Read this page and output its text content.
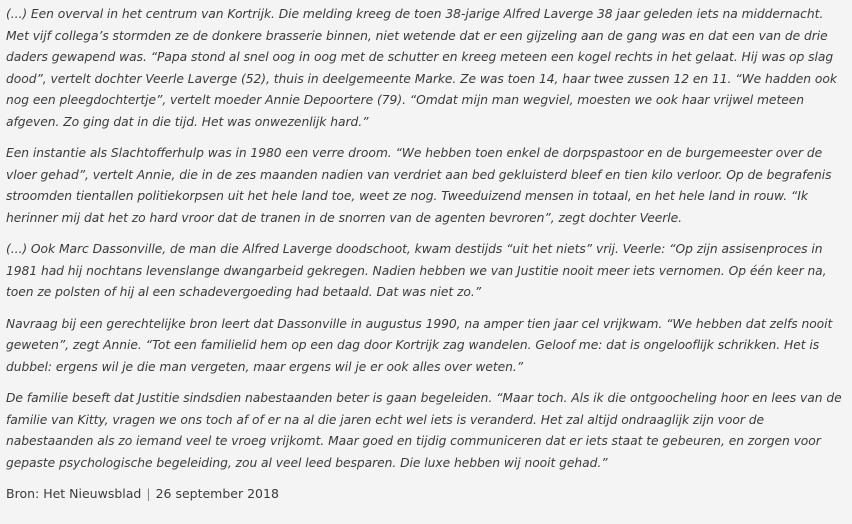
(...) Een overval in het centrum van Kortrijk. Die melding kreeg de toen 38-jarige Alfred Laverge 38 jaar geleden iets na middernacht. Met vijf collega’s stormden ze de donkere brasserie binnen, niet wetende dat er een gijzeling aan de gang was en dat een van de drie daders gewapend was. “Papa stond al snel oog in oog met de schutter en kreeg meteen een kogel rechts in het gelaat. Hij was op slag dood”, vertelt dochter Veerle Laverge (52), thuis in deelgemeente Marke. Ze was toen 14, haar twee zussen 12 en 11. “We hadden ook nog een pleegdochtertje”, vertelt moeder Annie Depoortere (79). “Omdat mijn man wegviel, moesten we ook haar vrijwel meteen afgeven. Zo ging dat in die tijd. Het was onwezenlijk hard.”

Een instantie als Slachtofferhulp was in 1980 een verre droom. “We hebben toen enkel de dorpspastoor en de burgemeester over de vloer gehad”, vertelt Annie, die in de zes maanden nadien van verdriet aan bed gekluisterd bleef en tien kilo verloor. Op de begrafenis stroomden tientallen politiekorpsen uit het hele land toe, weet ze nog. Tweeduizend mensen in totaal, en het hele land in rouw. “Ik herinner mij dat het zo hard vroor dat de tranen in de snorren van de agenten bevroren”, zegt dochter Veerle.

(...) Ook Marc Dassonville, de man die Alfred Laverge doodschoot, kwam destijds “uit het niets” vrij. Veerle: “Op zijn assisenproces in 1981 had hij nochtans levenslange dwangarbeid gekregen. Nadien hebben we van Justitie nooit meer iets vernomen. Op één keer na, toen ze polsten of hij al een schadevergoeding had betaald. Dat was niet zo.”

Navraag bij een gerechtelijke bron leert dat Dassonville in augustus 1990, na amper tien jaar cel vrijkwam. “We hebben dat zelfs nooit geweten”, zegt Annie. “Tot een familielid hem op een dag door Kortrijk zag wandelen. Geloof me: dat is ongelooflijk schrikken. Het is dubbel: ergens wil je die man vergeten, maar ergens wil je er ook alles over weten.”

De familie beseft dat Justitie sindsdien nabestaanden beter is gaan begeleiden. “Maar toch. Als ik die ontgoocheling hoor en lees van de familie van Kitty, vragen we ons toch af of er na al die jaren echt wel iets is veranderd. Het zal altijd ondraaglijk zijn voor de nabestaanden als zo iemand veel te vroeg vrijkomt. Maar goed en tijdig communiceren dat er iets staat te gebeuren, en zorgen voor gepaste psychologische begeleiding, zou al veel leed besparen. Die luxe hebben wij nooit gehad.”

Bron: Het Nieuwsblad | 26 september 2018
